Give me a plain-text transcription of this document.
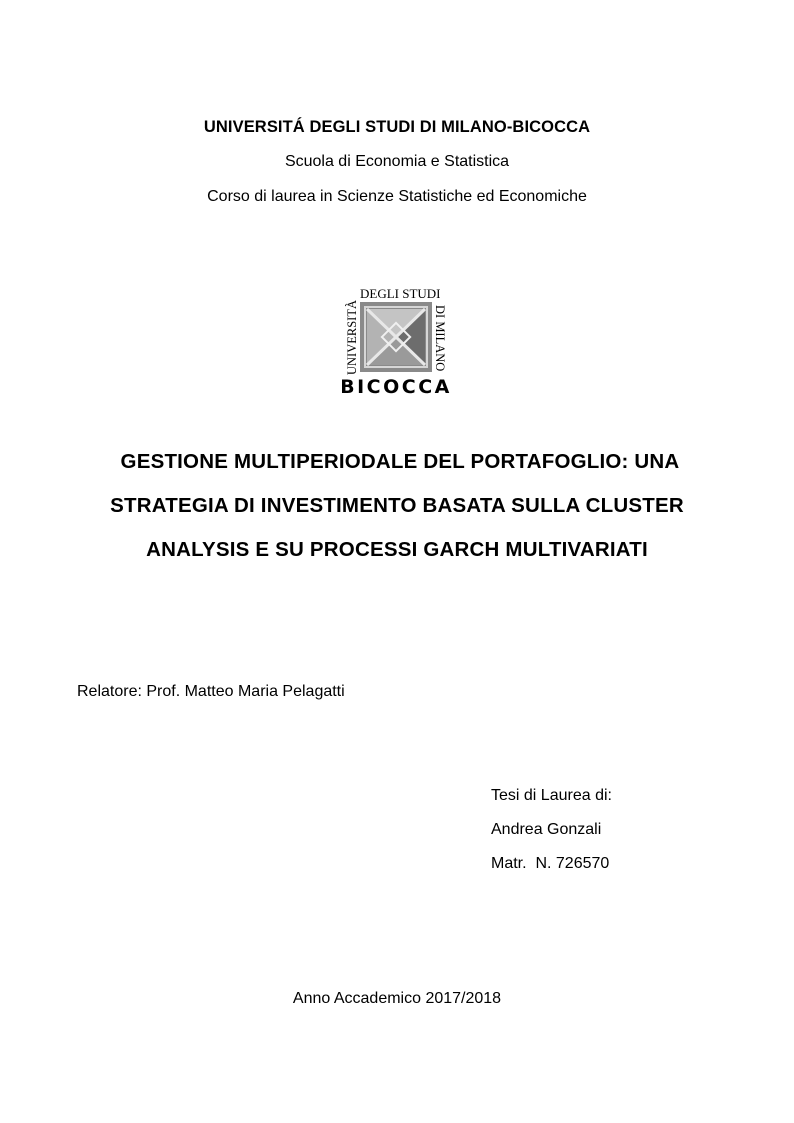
UNIVERSITÁ DEGLI STUDI DI MILANO-BICOCCA
Scuola di Economia e Statistica
Corso di laurea in Scienze Statistiche ed Economiche
UNIVERSITÀ
DEGLI STUDI
DI MILANO
BICOCCA
GESTIONE MULTIPERIODALE DEL PORTAFOGLIO: UNA
STRATEGIA DI INVESTIMENTO BASATA SULLA CLUSTER
ANALYSIS E SU PROCESSI GARCH MULTIVARIATI
Relatore: Prof. Matteo Maria Pelagatti
Tesi di Laurea di:
Andrea Gonzali
Matr.  N. 726570
Anno Accademico 2017/2018
